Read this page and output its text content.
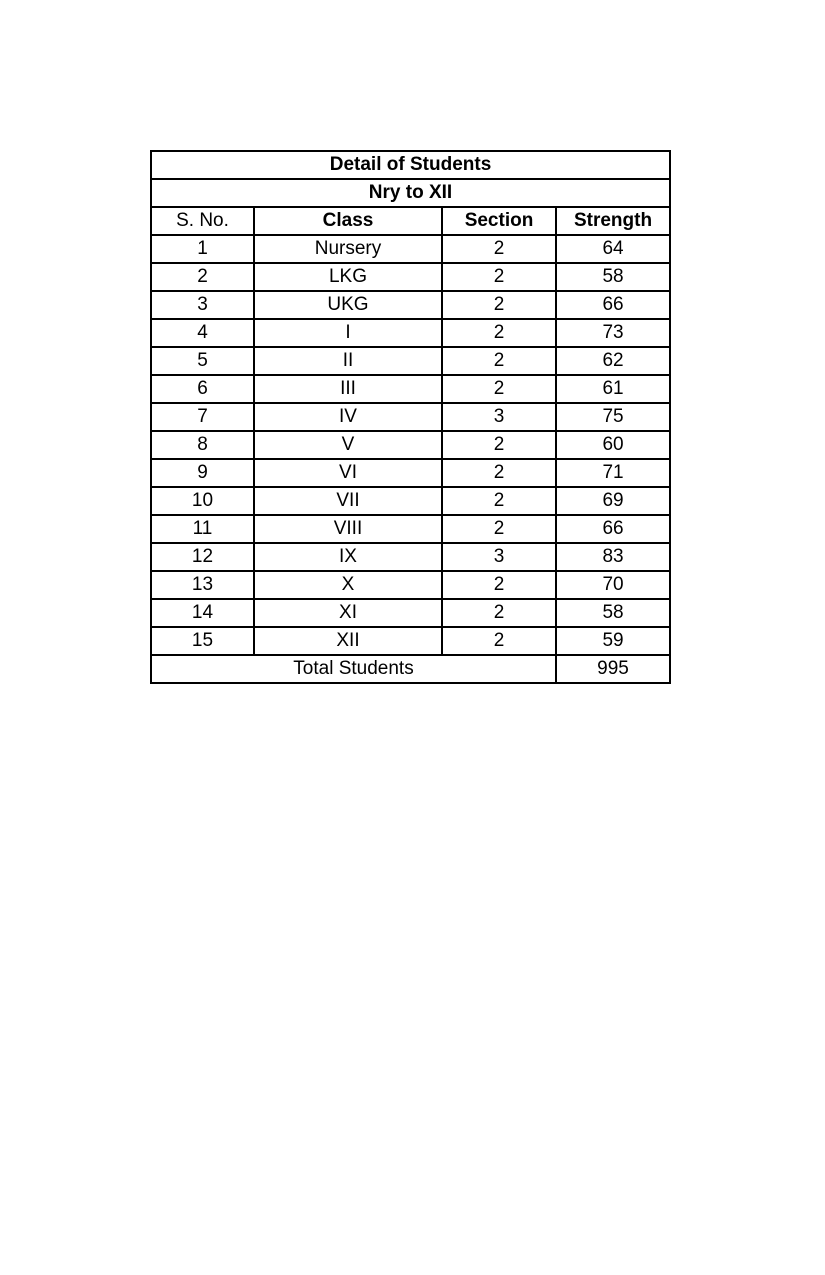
Detail of Students			
Nry to XII			
S. No.	Class	Section	Strength
1	Nursery	2	64
2	LKG	2	58
3	UKG	2	66
4	I	2	73
5	II	2	62
6	III	2	61
7	IV	3	75
8	V	2	60
9	VI	2	71
10	VII	2	69
11	VIII	2	66
12	IX	3	83
13	X	2	70
14	XI	2	58
15	XII	2	59
Total Students			995
